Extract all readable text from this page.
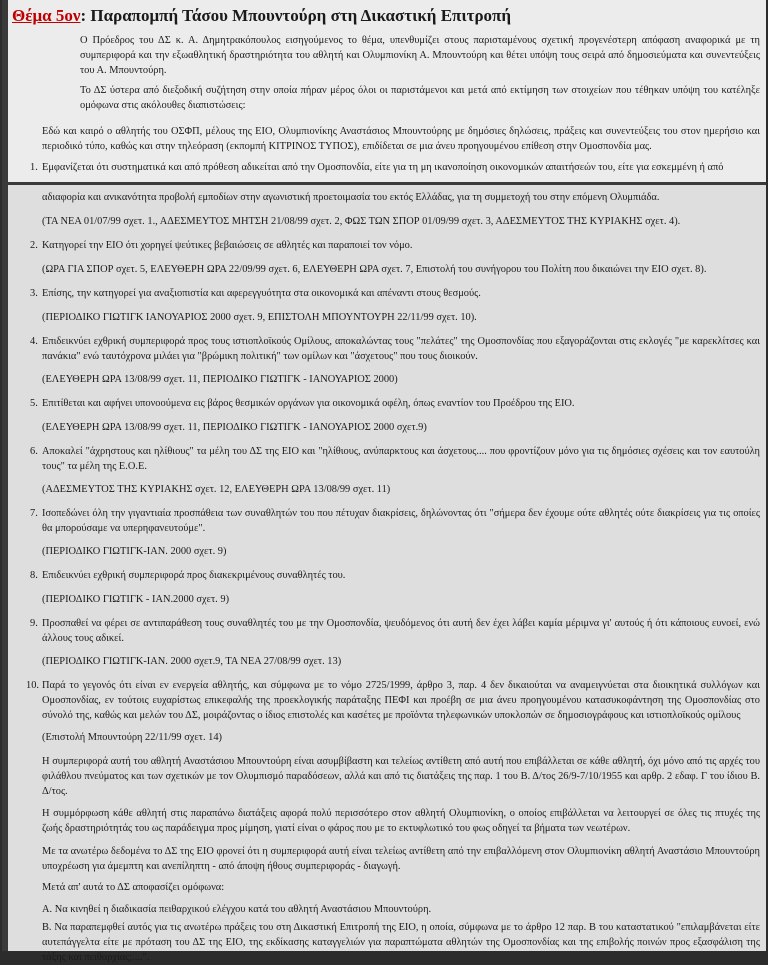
Θέμα 5ον: Παραπομπή Τάσου Μπουντούρη στη Δικαστική Επιτροπή

Ο Πρόεδρος του ΔΣ κ. Α. Δημητρακόπουλος εισηγούμενος το θέμα, υπενθυμίζει στους παρισταμένους σχετική προγενέστερη απόφαση αναφορικά με τη συμπεριφορά και την εξωαθλητική δραστηριότητα του αθλητή και Ολυμπιονίκη Α. Μπουντούρη και θέτει υπόψη τους σειρά από δημοσιεύματα και συνεντεύξεις του Α. Μπουντούρη.

Το ΔΣ ύστερα από διεξοδική συζήτηση στην οποία πήραν μέρος όλοι οι παριστάμενοι και μετά από εκτίμηση των στοιχείων που τέθηκαν υπόψη του κατέληξε ομόφωνα στις ακόλουθες διαπιστώσεις:

Εδώ και καιρό ο αθλητής του ΟΣΦΠ, μέλους της ΕΙΟ, Ολυμπιονίκης Αναστάσιος Μπουντούρης με δημόσιες δηλώσεις, πράξεις και συνεντεύξεις του στον ημερήσιο και περιοδικό τύπο, καθώς και στην τηλεόραση (εκπομπή ΚΙΤΡΙΝΟΣ ΤΥΠΟΣ), επιδίδεται σε μια άνευ προηγουμένου επίθεση στην Ομοσπονδία μας.

1. Εμφανίζεται ότι συστηματικά και από πρόθεση αδικείται από την Ομοσπονδία, είτε για τη μη ικανοποίηση οικονομικών απαιτήσεών του, είτε για εσκεμμένη ή από

αδιαφορία και ανικανότητα προβολή εμποδίων στην αγωνιστική προετοιμασία του εκτός Ελλάδας, για τη συμμετοχή του στην επόμενη Ολυμπιάδα.

(ΤΑ ΝΕΑ 01/07/99 σχετ. 1., ΑΔΕΣΜΕΥΤΟΣ ΜΗΤΣΗ 21/08/99 σχετ. 2, ΦΩΣ ΤΩΝ ΣΠΟΡ 01/09/99 σχετ. 3, ΑΔΕΣΜΕΥΤΟΣ ΤΗΣ ΚΥΡΙΑΚΗΣ σχετ. 4).

2. Κατηγορεί την ΕΙΟ ότι χορηγεί ψεύτικες βεβαιώσεις σε αθλητές και παραποιεί τον νόμο.

(ΩΡΑ ΓΙΑ ΣΠΟΡ σχετ. 5, ΕΛΕΥΘΕΡΗ ΩΡΑ 22/09/99 σχετ. 6, ΕΛΕΥΘΕΡΗ ΩΡΑ σχετ. 7, Επιστολή του συνήγορου του Πολίτη που δικαιώνει την ΕΙΟ σχετ. 8).

3. Επίσης, την κατηγορεί για αναξιοπιστία και αφερεγγυότητα στα οικονομικά και απέναντι στους θεσμούς.

(ΠΕΡΙΟΔΙΚΟ ΓΙΩΤΙΓΚ ΙΑΝΟΥΑΡΙΟΣ 2000 σχετ. 9, ΕΠΙΣΤΟΛΗ ΜΠΟΥΝΤΟΥΡΗ 22/11/99 σχετ. 10).

4. Επιδεικνύει εχθρική συμπεριφορά προς τους ιστιοπλοϊκούς Ομίλους, αποκαλώντας τους "πελάτες" της Ομοσπονδίας που εξαγοράζονται στις εκλογές "με καρεκλίτσες και πανάκια" ενώ ταυτόχρονα μιλάει για "βρώμικη πολιτική" των ομίλων και "άσχετους" που τους διοικούν.

(ΕΛΕΥΘΕΡΗ ΩΡΑ 13/08/99 σχετ. 11, ΠΕΡΙΟΔΙΚΟ ΓΙΩΤΙΓΚ - ΙΑΝΟΥΑΡΙΟΣ 2000)

5. Επιτίθεται και αφήνει υπονοούμενα εις βάρος θεσμικών οργάνων για οικονομικά οφέλη, όπως εναντίον του Προέδρου της ΕΙΟ.

(ΕΛΕΥΘΕΡΗ ΩΡΑ 13/08/99 σχετ. 11, ΠΕΡΙΟΔΙΚΟ ΓΙΩΤΙΓΚ - ΙΑΝΟΥΑΡΙΟΣ 2000 σχετ.9)

6. Αποκαλεί "άχρηστους και ηλίθιους" τα μέλη του ΔΣ της ΕΙΟ και "ηλίθιους, ανύπαρκτους και άσχετους.... που φροντίζουν μόνο για τις δημόσιες σχέσεις και τον εαυτούλη τους" τα μέλη της Ε.Ο.Ε.

(ΑΔΕΣΜΕΥΤΟΣ ΤΗΣ ΚΥΡΙΑΚΗΣ σχετ. 12, ΕΛΕΥΘΕΡΗ ΩΡΑ 13/08/99 σχετ. 11)

7. Ισοπεδώνει όλη την γιγαντιαία προσπάθεια των συναθλητών του που πέτυχαν διακρίσεις, δηλώνοντας ότι "σήμερα δεν έχουμε ούτε αθλητές ούτε διακρίσεις για τις οποίες θα μπορούσαμε να υπερηφανευτούμε".

(ΠΕΡΙΟΔΙΚΟ ΓΙΩΤΙΓΚ-ΙΑΝ. 2000 σχετ. 9)

8. Επιδεικνύει εχθρική συμπεριφορά προς διακεκριμένους συναθλητές του.

(ΠΕΡΙΟΔΙΚΟ ΓΙΩΤΙΓΚ - ΙΑΝ.2000 σχετ. 9)

9. Προσπαθεί να φέρει σε αντιπαράθεση τους συναθλητές του με την Ομοσπονδία, ψευδόμενος ότι αυτή δεν έχει λάβει καμία μέριμνα γι' αυτούς ή ότι κάποιους ευνοεί, ενώ άλλους τους αδικεί.

(ΠΕΡΙΟΔΙΚΟ ΓΙΩΤΙΓΚ-ΙΑΝ. 2000 σχετ.9, ΤΑ ΝΕΑ 27/08/99 σχετ. 13)

10. Παρά το γεγονός ότι είναι εν ενεργεία αθλητής, και σύμφωνα με το νόμο 2725/1999, άρθρο 3, παρ. 4 δεν δικαιούται να αναμειγνύεται στα διοικητικά συλλόγων και Ομοσπονδίας, εν τούτοις ευχαρίστως επικεφαλής της προεκλογικής παράταξης ΠΕΦΙ και προέβη σε μια άνευ προηγουμένου κατασυκοφάντηση της Ομοσπονδίας στο σύνολό της, καθώς και μελών του ΔΣ, μοιράζοντας ο ίδιος επιστολές και κασέτες με προϊόντα τηλεφωνικών υποκλοπών σε δημοσιογράφους και ιστιοπλοϊκούς ομίλους

(Επιστολή Μπουντούρη 22/11/99 σχετ. 14)

Η συμπεριφορά αυτή του αθλητή Αναστάσιου Μπουντούρη είναι ασυμβίβαστη και τελείως αντίθετη από αυτή που επιβάλλεται σε κάθε αθλητή, όχι μόνο από τις αρχές του φιλάθλου πνεύματος και των σχετικών με τον Ολυμπισμό παραδόσεων, αλλά και από τις διατάξεις της παρ. 1 του Β. Δ/τος 26/9-7/10/1955 και αρθρ. 2 εδαφ. Γ του ίδιου Β. Δ/τος.

Η συμμόρφωση κάθε αθλητή στις παραπάνω διατάξεις αφορά πολύ περισσότερο στον αθλητή Ολυμπιονίκη, ο οποίος επιβάλλεται να λειτουργεί σε όλες τις πτυχές της ζωής δραστηριότητάς του ως παράδειγμα προς μίμηση, γιατί είναι ο φάρος που με το εκτυφλωτικό του φως οδηγεί τα βήματα των νεωτέρων.

Με τα ανωτέρω δεδομένα το ΔΣ της ΕΙΟ φρονεί ότι η συμπεριφορά αυτή είναι τελείως αντίθετη από την επιβαλλόμενη στον Ολυμπιονίκη αθλητή Αναστάσιο Μπουντούρη υποχρέωση για άμεμπτη και ανεπίληπτη - από άποψη ήθους συμπεριφοράς - διαγωγή.

Μετά απ' αυτά το ΔΣ αποφασίζει ομόφωνα:

Α. Να κινηθεί η διαδικασία πειθαρχικού ελέγχου κατά του αθλητή Αναστάσιου Μπουντούρη.

Β. Να παραπεμφθεί αυτός για τις ανωτέρω πράξεις του στη Δικαστική Επιτροπή της ΕΙΟ, η οποία, σύμφωνα με το άρθρο 12 παρ. Β του καταστατικού "επιλαμβάνεται είτε αυτεπάγγελτα είτε με πρόταση του ΔΣ της ΕΙΟ, της εκδίκασης καταγγελιών για παραπτώματα αθλητών της Ομοσπονδίας και της επιβολής ποινών προς εξασφάλιση της τάξης και πειθαρχίας;....".
